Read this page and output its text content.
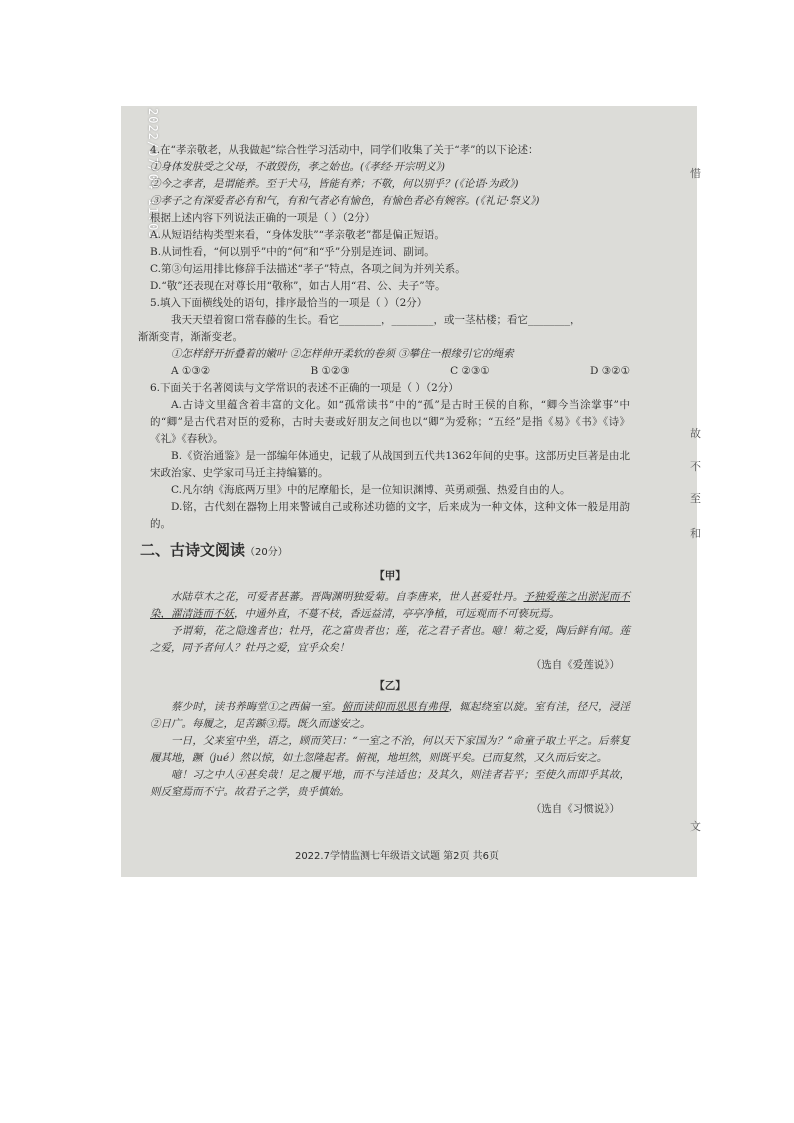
2022/07/04 11:03	惜
故
不
至
和
文
4.在“孝亲敬老，从我做起”综合性学习活动中，同学们收集了关于“孝”的以下论述：
①身体发肤受之父母，不敢毁伤，孝之始也。(《孝经·开宗明义》)
②今之孝者，是谓能养。至于犬马，皆能有养；不敬，何以别乎？(《论语·为政》)
③孝子之有深爱者必有和气，有和气者必有愉色，有愉色者必有婉容。(《礼记·祭义》)
根据上述内容下列说法正确的一项是（ ）（2分）
A.从短语结构类型来看，“身体发肤”“孝亲敬老”都是偏正短语。
B.从词性看，“何以别乎”中的“何”和“乎”分别是连词、副词。
C.第③句运用排比修辞手法描述“孝子”特点，各项之间为并列关系。
D.“敬”还表现在对尊长用“敬称”，如古人用“君、公、夫子”等。
5.填入下面横线处的语句，排序最恰当的一项是（ ）（2分）
我天天望着窗口常春藤的生长。看它________，________，或一茎枯楼；看它________，
渐渐变青，渐渐变老。
①怎样舒开折叠着的嫩叶 ②怎样伸开柔软的卷须 ③攀住一根缘引它的绳索
A ①③②	B ①②③	C ②③①	D ③②①
6.下面关于名著阅读与文学常识的表述不正确的一项是（ ）（2分）
A.古诗文里蕴含着丰富的文化。如“孤常读书”中的“孤”是古时王侯的自称，“卿今当涂掌事”中的“卿”是古代君对臣的爱称，古时夫妻或好朋友之间也以“卿”为爱称；“五经”是指《易》《书》《诗》《礼》《春秋》。
B.《资治通鉴》是一部编年体通史，记载了从战国到五代共1362年间的史事。这部历史巨著是由北宋政治家、史学家司马迁主持编纂的。
C.凡尔纳《海底两万里》中的尼摩船长，是一位知识渊博、英勇顽强、热爱自由的人。
D.铭，古代刻在器物上用来警诫自己或称述功德的文字，后来成为一种文体，这种文体一般是用韵的。
二、古诗文阅读（20分）
【甲】
水陆草木之花，可爱者甚蕃。晋陶渊明独爱菊。自李唐来，世人甚爱牡丹。予独爱莲之出淤泥而不染，濯清涟而不妖，中通外直，不蔓不枝，香远益清，亭亭净植，可远观而不可亵玩焉。
予谓菊，花之隐逸者也；牡丹，花之富贵者也；莲，花之君子者也。噫！菊之爱，陶后鲜有闻。莲之爱，同予者何人？牡丹之爱，宜乎众矣！
（选自《爱莲说》）
【乙】
蔡少时，读书养晦堂①之西偏一室。俯而读仰而思思有弗得，辄起绕室以旋。室有洼，径尺，浸淫②日广。每履之，足苦踬③焉。既久而遂安之。
一日，父来室中坐，语之，顾而笑曰：“一室之不治，何以天下家国为？”命童子取土平之。后蔡复履其地，蹶（jué）然以惊，如土忽隆起者。俯视，地坦然，则既平矣。已而复然，又久而后安之。
噫！习之中人④甚矣哉！足之履平地，而不与洼适也；及其久，则洼者若平；至使久而即乎其故，则反窒焉而不宁。故君子之学，贵乎慎始。
（选自《习惯说》）
2022.7学情监测七年级语文试题 第2页 共6页
